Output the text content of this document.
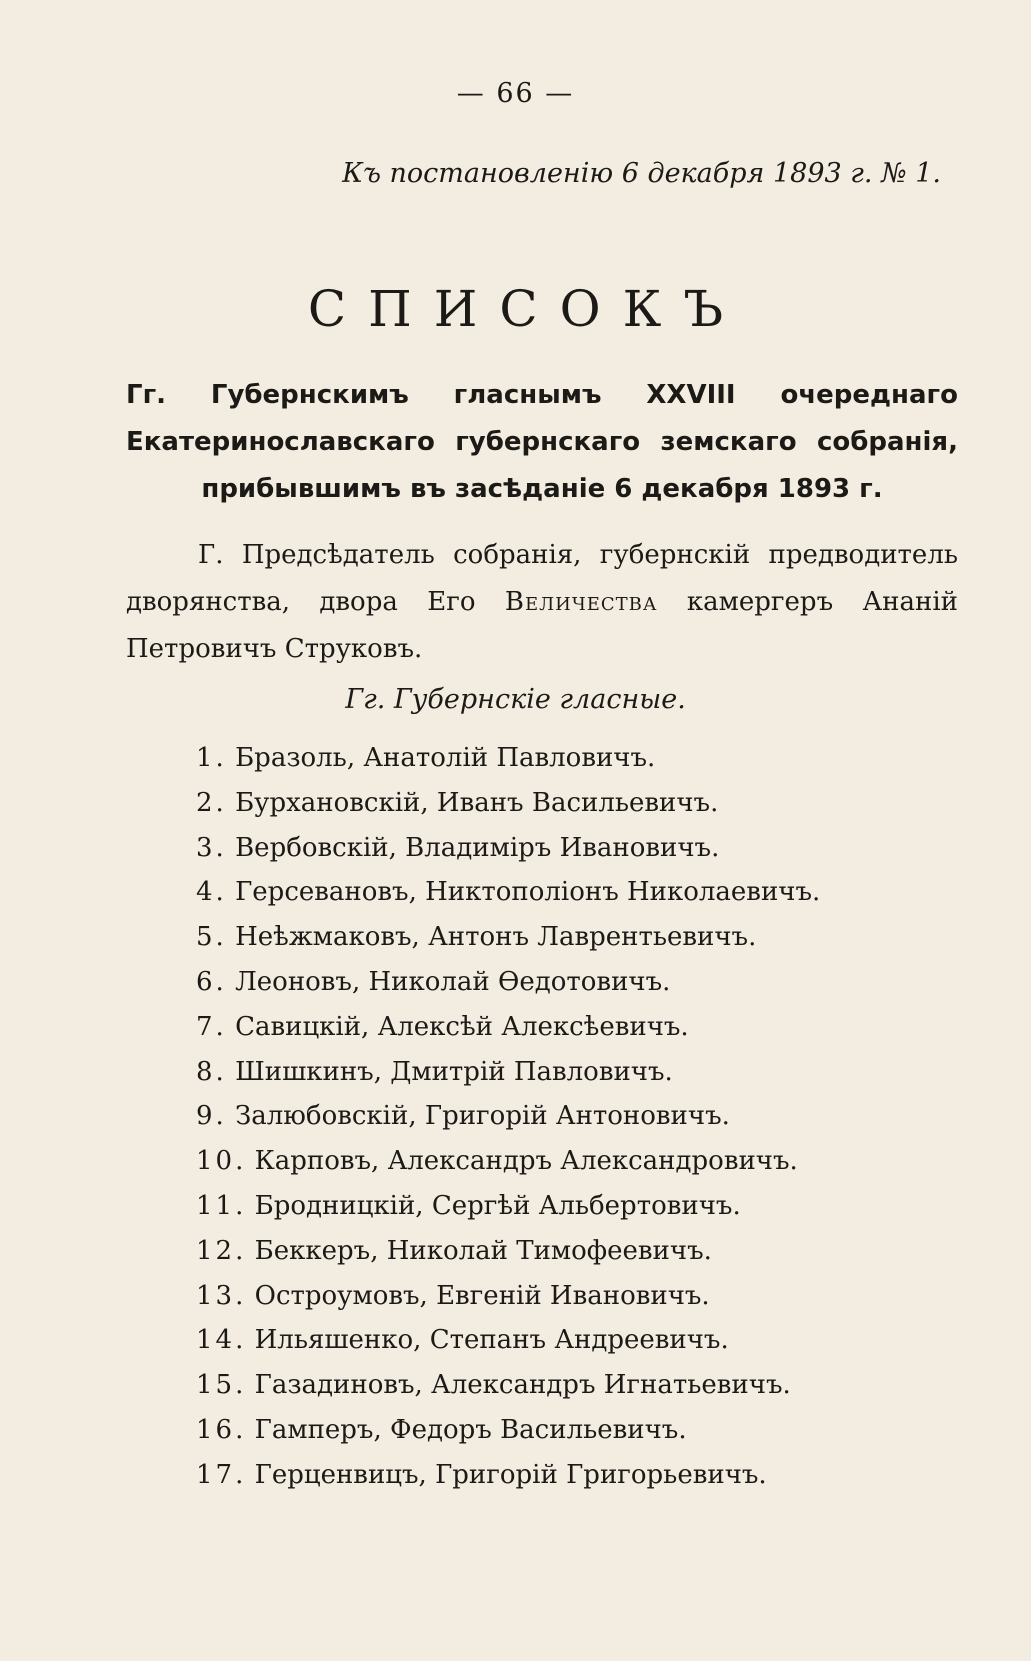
— 66 —
Къ постановленію 6 декабря 1893 г. № 1.
СПИСОКЪ
Гг. Губернскимъ гласнымъ XXVIII очереднаго Екатеринославскаго губернскаго земскаго собранія, прибывшимъ въ засѣданіе 6 декабря 1893 г.
Г. Предсѣдатель собранія, губернскій предводитель дворянства, двора Его Величества камергеръ Ананій Петровичъ Струковъ.
Гг. Губернскіе гласные.
1. Бразоль, Анатолій Павловичъ.
2. Бурхановскій, Иванъ Васильевичъ.
3. Вербовскій, Владиміръ Ивановичъ.
4. Герсевановъ, Никтополіонъ Николаевичъ.
5. Неѣжмаковъ, Антонъ Лаврентьевичъ.
6. Леоновъ, Николай Ѳедотовичъ.
7. Савицкій, Алексѣй Алексѣевичъ.
8. Шишкинъ, Дмитрій Павловичъ.
9. Залюбовскій, Григорій Антоновичъ.
10. Карповъ, Александръ Александровичъ.
11. Бродницкій, Сергѣй Альбертовичъ.
12. Беккеръ, Николай Тимофеевичъ.
13. Остроумовъ, Евгеній Ивановичъ.
14. Ильяшенко, Степанъ Андреевичъ.
15. Газадиновъ, Александръ Игнатьевичъ.
16. Гамперъ, Федоръ Васильевичъ.
17. Герценвицъ, Григорій Григорьевичъ.
